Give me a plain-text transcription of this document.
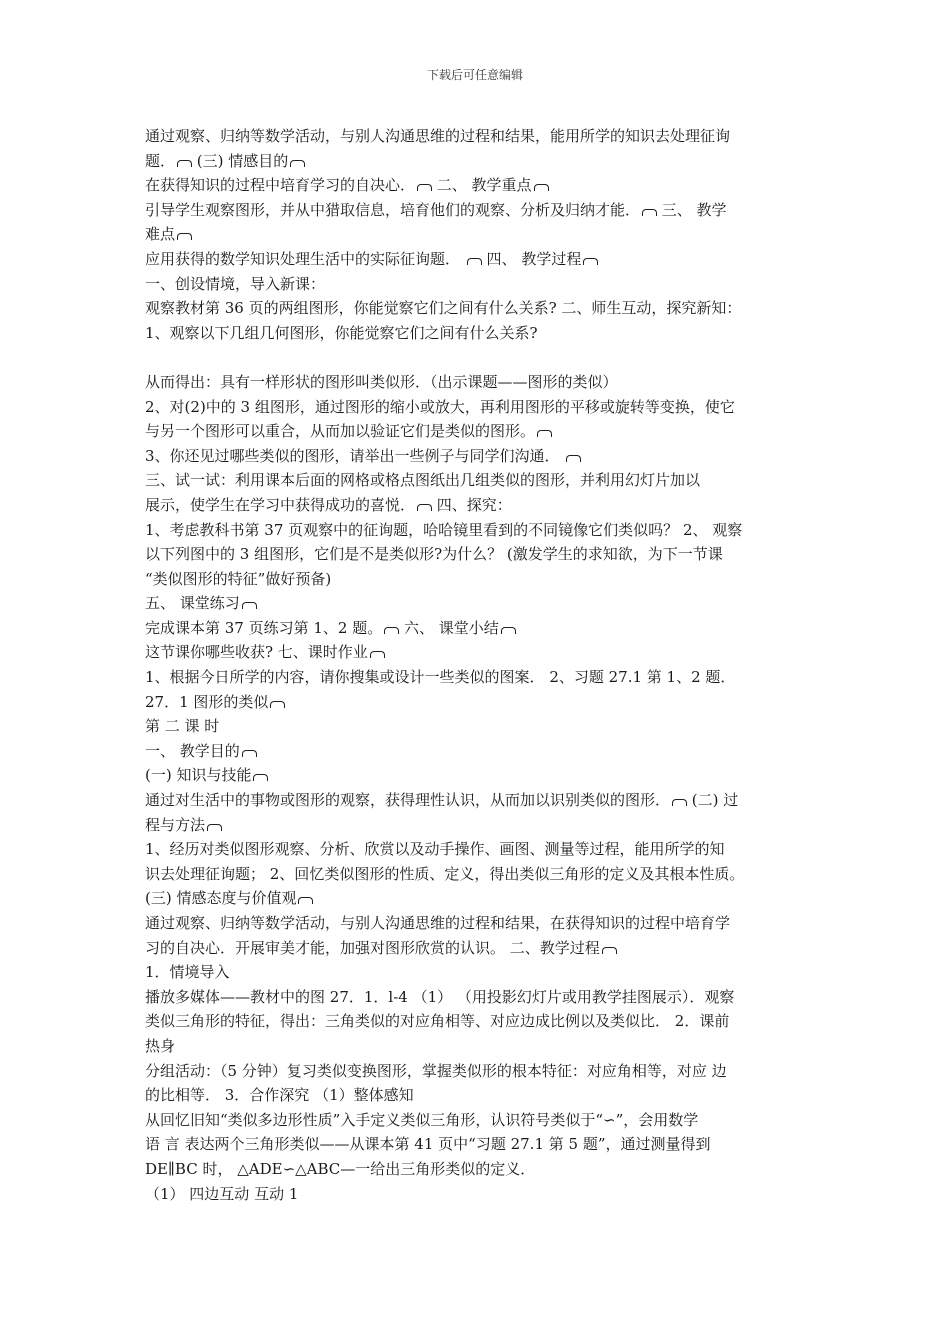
下载后可任意编辑
通过观察、归纳等数学活动，与别人沟通思维的过程和结果，能用所学的知识去处理征询
题． (三) 情感目的
在获得知识的过程中培育学习的自决心． 二、 教学重点
引导学生观察图形，并从中猎取信息，培育他们的观察、分析及归纳才能． 三、 教学
难点
应用获得的数学知识处理生活中的实际征询题．  四、 教学过程
一、创设情境，导入新课：
观察教材第 36 页的两组图形，你能觉察它们之间有什么关系? 二、师生互动，探究新知：
1、观察以下几组几何图形，你能觉察它们之间有什么关系?
从而得出：具有一样形状的图形叫类似形．（出示课题——图形的类似）
2、对(2)中的 3 组图形，通过图形的缩小或放大，再利用图形的平移或旋转等变换，使它
与另一个图形可以重合，从而加以验证它们是类似的图形。
3、你还见过哪些类似的图形，请举出一些例子与同学们沟通．
三、试一试：利用课本后面的网格或格点图纸出几组类似的图形，并利用幻灯片加以
展示，使学生在学习中获得成功的喜悦． 四、探究：
1、考虑教科书第 37 页观察中的征询题，哈哈镜里看到的不同镜像它们类似吗？ 2、 观察
以下列图中的 3 组图形，它们是不是类似形?为什么？ (激发学生的求知欲，为下一节课
“类似图形的特征”做好预备)
五、 课堂练习
完成课本第 37 页练习第 1、2 题。 六、 课堂小结
这节课你哪些收获? 七、课时作业
1、根据今日所学的内容，请你搜集或设计一些类似的图案． 2、习题 27.1 第 1、2 题．
27．1 图形的类似
第 二 课 时
一、 教学目的
(一) 知识与技能
通过对生活中的事物或图形的观察，获得理性认识，从而加以识别类似的图形． (二) 过
程与方法
1、经历对类似图形观察、分析、欣赏以及动手操作、画图、测量等过程，能用所学的知
识去处理征询题； 2、回忆类似图形的性质、定义，得出类似三角形的定义及其根本性质。
(三) 情感态度与价值观
通过观察、归纳等数学活动，与别人沟通思维的过程和结果，在获得知识的过程中培育学
习的自决心．开展审美才能，加强对图形欣赏的认识。 二、教学过程
1．情境导入
播放多媒体——教材中的图 27．1．l-4 （1） （用投影幻灯片或用教学挂图展示）．观察
类似三角形的特征，得出：三角类似的对应角相等、对应边成比例以及类似比． 2．课前
热身
分组活动：（5 分钟）复习类似变换图形，掌握类似形的根本特征：对应角相等，对应 边
的比相等． 3．合作深究 （1）整体感知
从回忆旧知“类似多边形性质”入手定义类似三角形，认识符号类似于“∽”，会用数学
语 言 表达两个三角形类似——从课本第 41 页中“习题 27.1 第 5 题”，通过测量得到
DE∥BC 时， △ADE∽△ABC—一给出三角形类似的定义．
（1） 四边互动 互动 1
